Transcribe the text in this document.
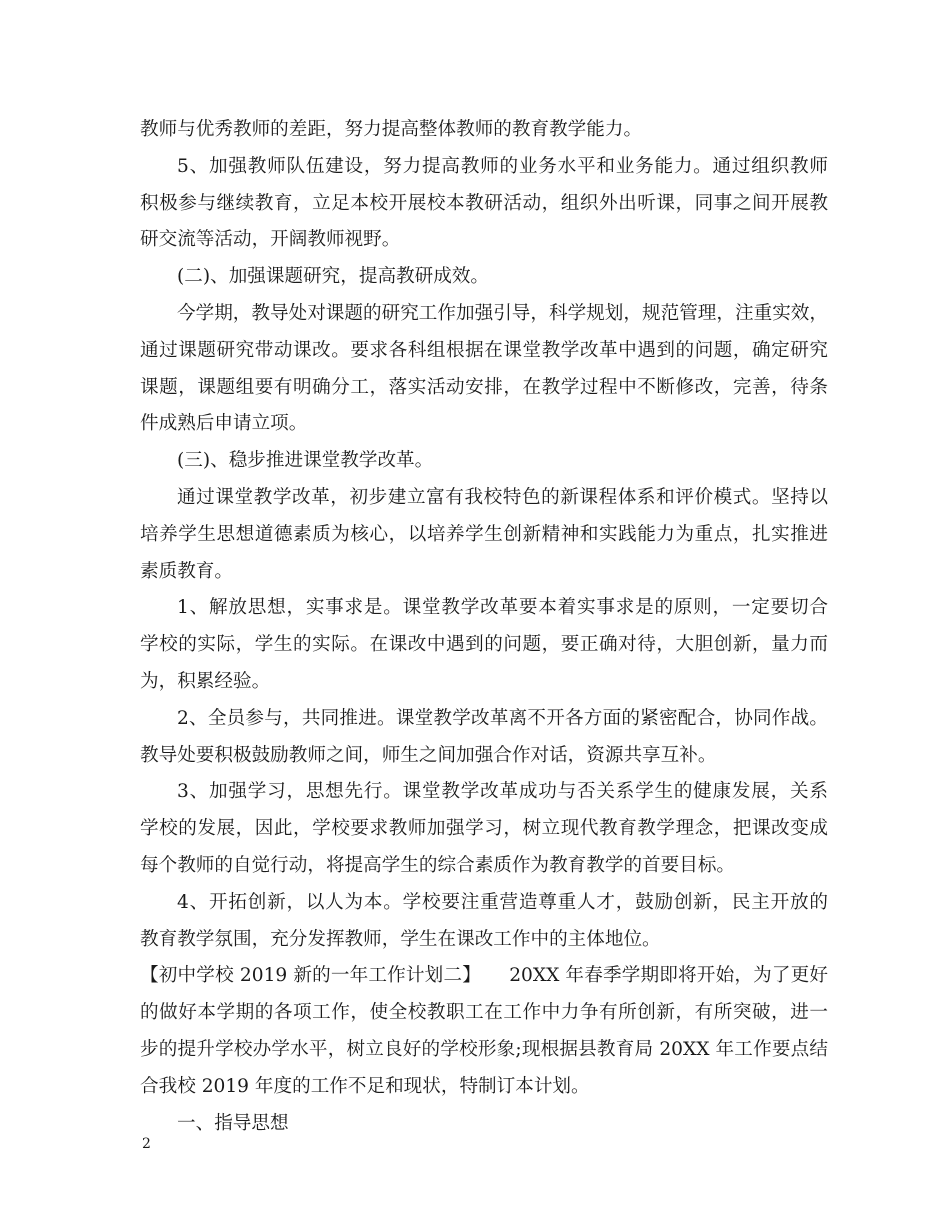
教师与优秀教师的差距，努力提高整体教师的教育教学能力。
5、加强教师队伍建设，努力提高教师的业务水平和业务能力。通过组织教师
积极参与继续教育，立足本校开展校本教研活动，组织外出听课，同事之间开展教
研交流等活动，开阔教师视野。
(二)、加强课题研究，提高教研成效。
今学期，教导处对课题的研究工作加强引导，科学规划，规范管理，注重实效，
通过课题研究带动课改。要求各科组根据在课堂教学改革中遇到的问题，确定研究
课题，课题组要有明确分工，落实活动安排，在教学过程中不断修改，完善，待条
件成熟后申请立项。
(三)、稳步推进课堂教学改革。
通过课堂教学改革，初步建立富有我校特色的新课程体系和评价模式。坚持以
培养学生思想道德素质为核心，以培养学生创新精神和实践能力为重点，扎实推进
素质教育。
1、解放思想，实事求是。课堂教学改革要本着实事求是的原则，一定要切合
学校的实际，学生的实际。在课改中遇到的问题，要正确对待，大胆创新，量力而
为，积累经验。
2、全员参与，共同推进。课堂教学改革离不开各方面的紧密配合，协同作战。
教导处要积极鼓励教师之间，师生之间加强合作对话，资源共享互补。
3、加强学习，思想先行。课堂教学改革成功与否关系学生的健康发展，关系
学校的发展，因此，学校要求教师加强学习，树立现代教育教学理念，把课改变成
每个教师的自觉行动，将提高学生的综合素质作为教育教学的首要目标。
4、开拓创新，以人为本。学校要注重营造尊重人才，鼓励创新，民主开放的
教育教学氛围，充分发挥教师，学生在课改工作中的主体地位。
【初中学校 2019 新的一年工作计划二】　　20XX 年春季学期即将开始，为了更好
的做好本学期的各项工作，使全校教职工在工作中力争有所创新，有所突破，进一
步的提升学校办学水平，树立良好的学校形象;现根据县教育局 20XX 年工作要点结
合我校 2019 年度的工作不足和现状，特制订本计划。
一、指导思想
2
